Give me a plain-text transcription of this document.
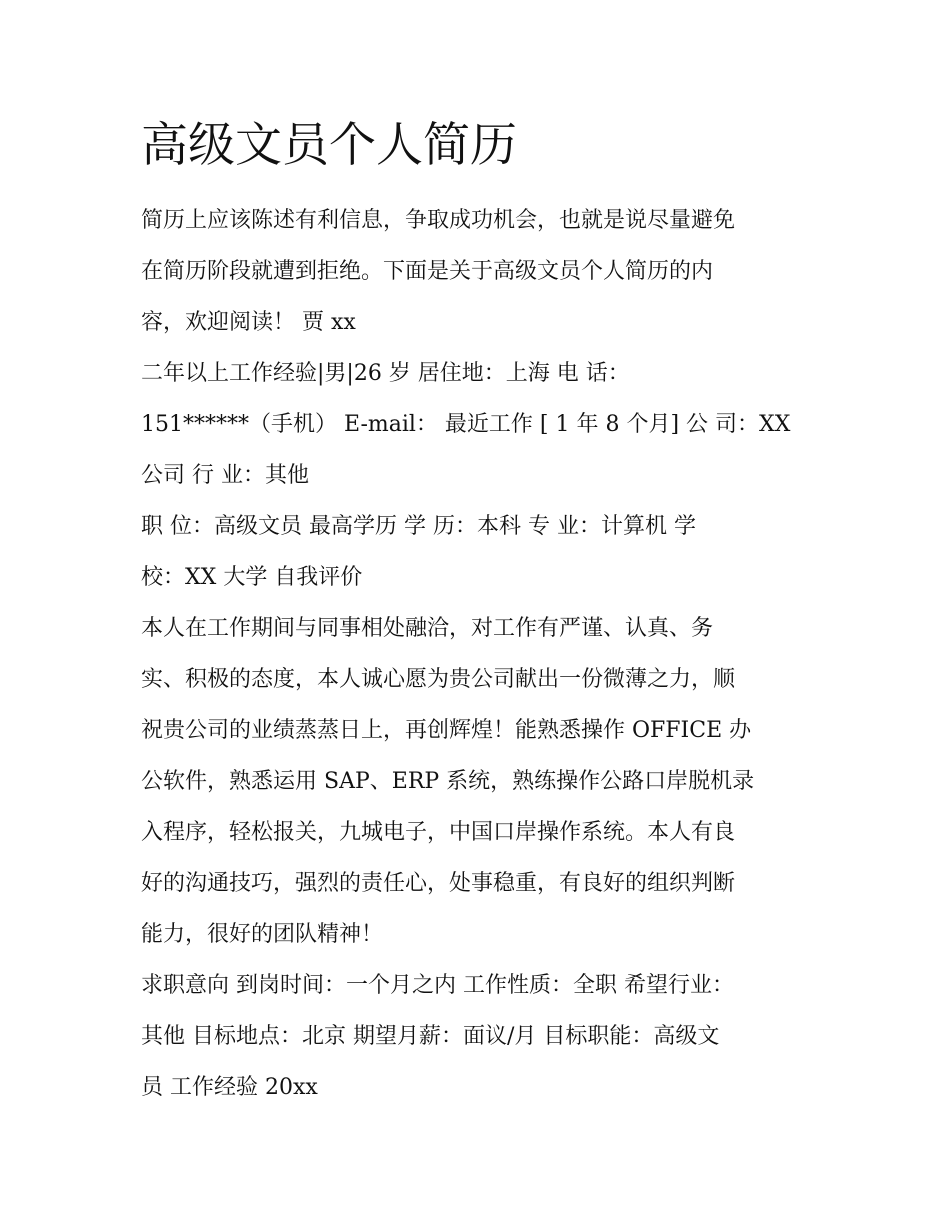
高级文员个人简历
简历上应该陈述有利信息，争取成功机会，也就是说尽量避免
在简历阶段就遭到拒绝。下面是关于高级文员个人简历的内
容，欢迎阅读！ 贾 xx
二年以上工作经验|男|26 岁 居住地：上海 电 话：
151******（手机） E-mail： 最近工作 [ 1 年 8 个月] 公 司：XX
公司 行 业：其他
职 位：高级文员 最高学历 学 历：本科 专 业：计算机 学
校：XX 大学 自我评价
本人在工作期间与同事相处融洽，对工作有严谨、认真、务
实、积极的态度，本人诚心愿为贵公司献出一份微薄之力，顺
祝贵公司的业绩蒸蒸日上，再创辉煌！能熟悉操作 OFFICE 办
公软件，熟悉运用 SAP、ERP 系统，熟练操作公路口岸脱机录
入程序，轻松报关，九城电子，中国口岸操作系统。本人有良
好的沟通技巧，强烈的责任心，处事稳重，有良好的组织判断
能力，很好的团队精神！
求职意向 到岗时间：一个月之内 工作性质：全职 希望行业：
其他 目标地点：北京 期望月薪：面议/月 目标职能：高级文
员 工作经验 20xx
